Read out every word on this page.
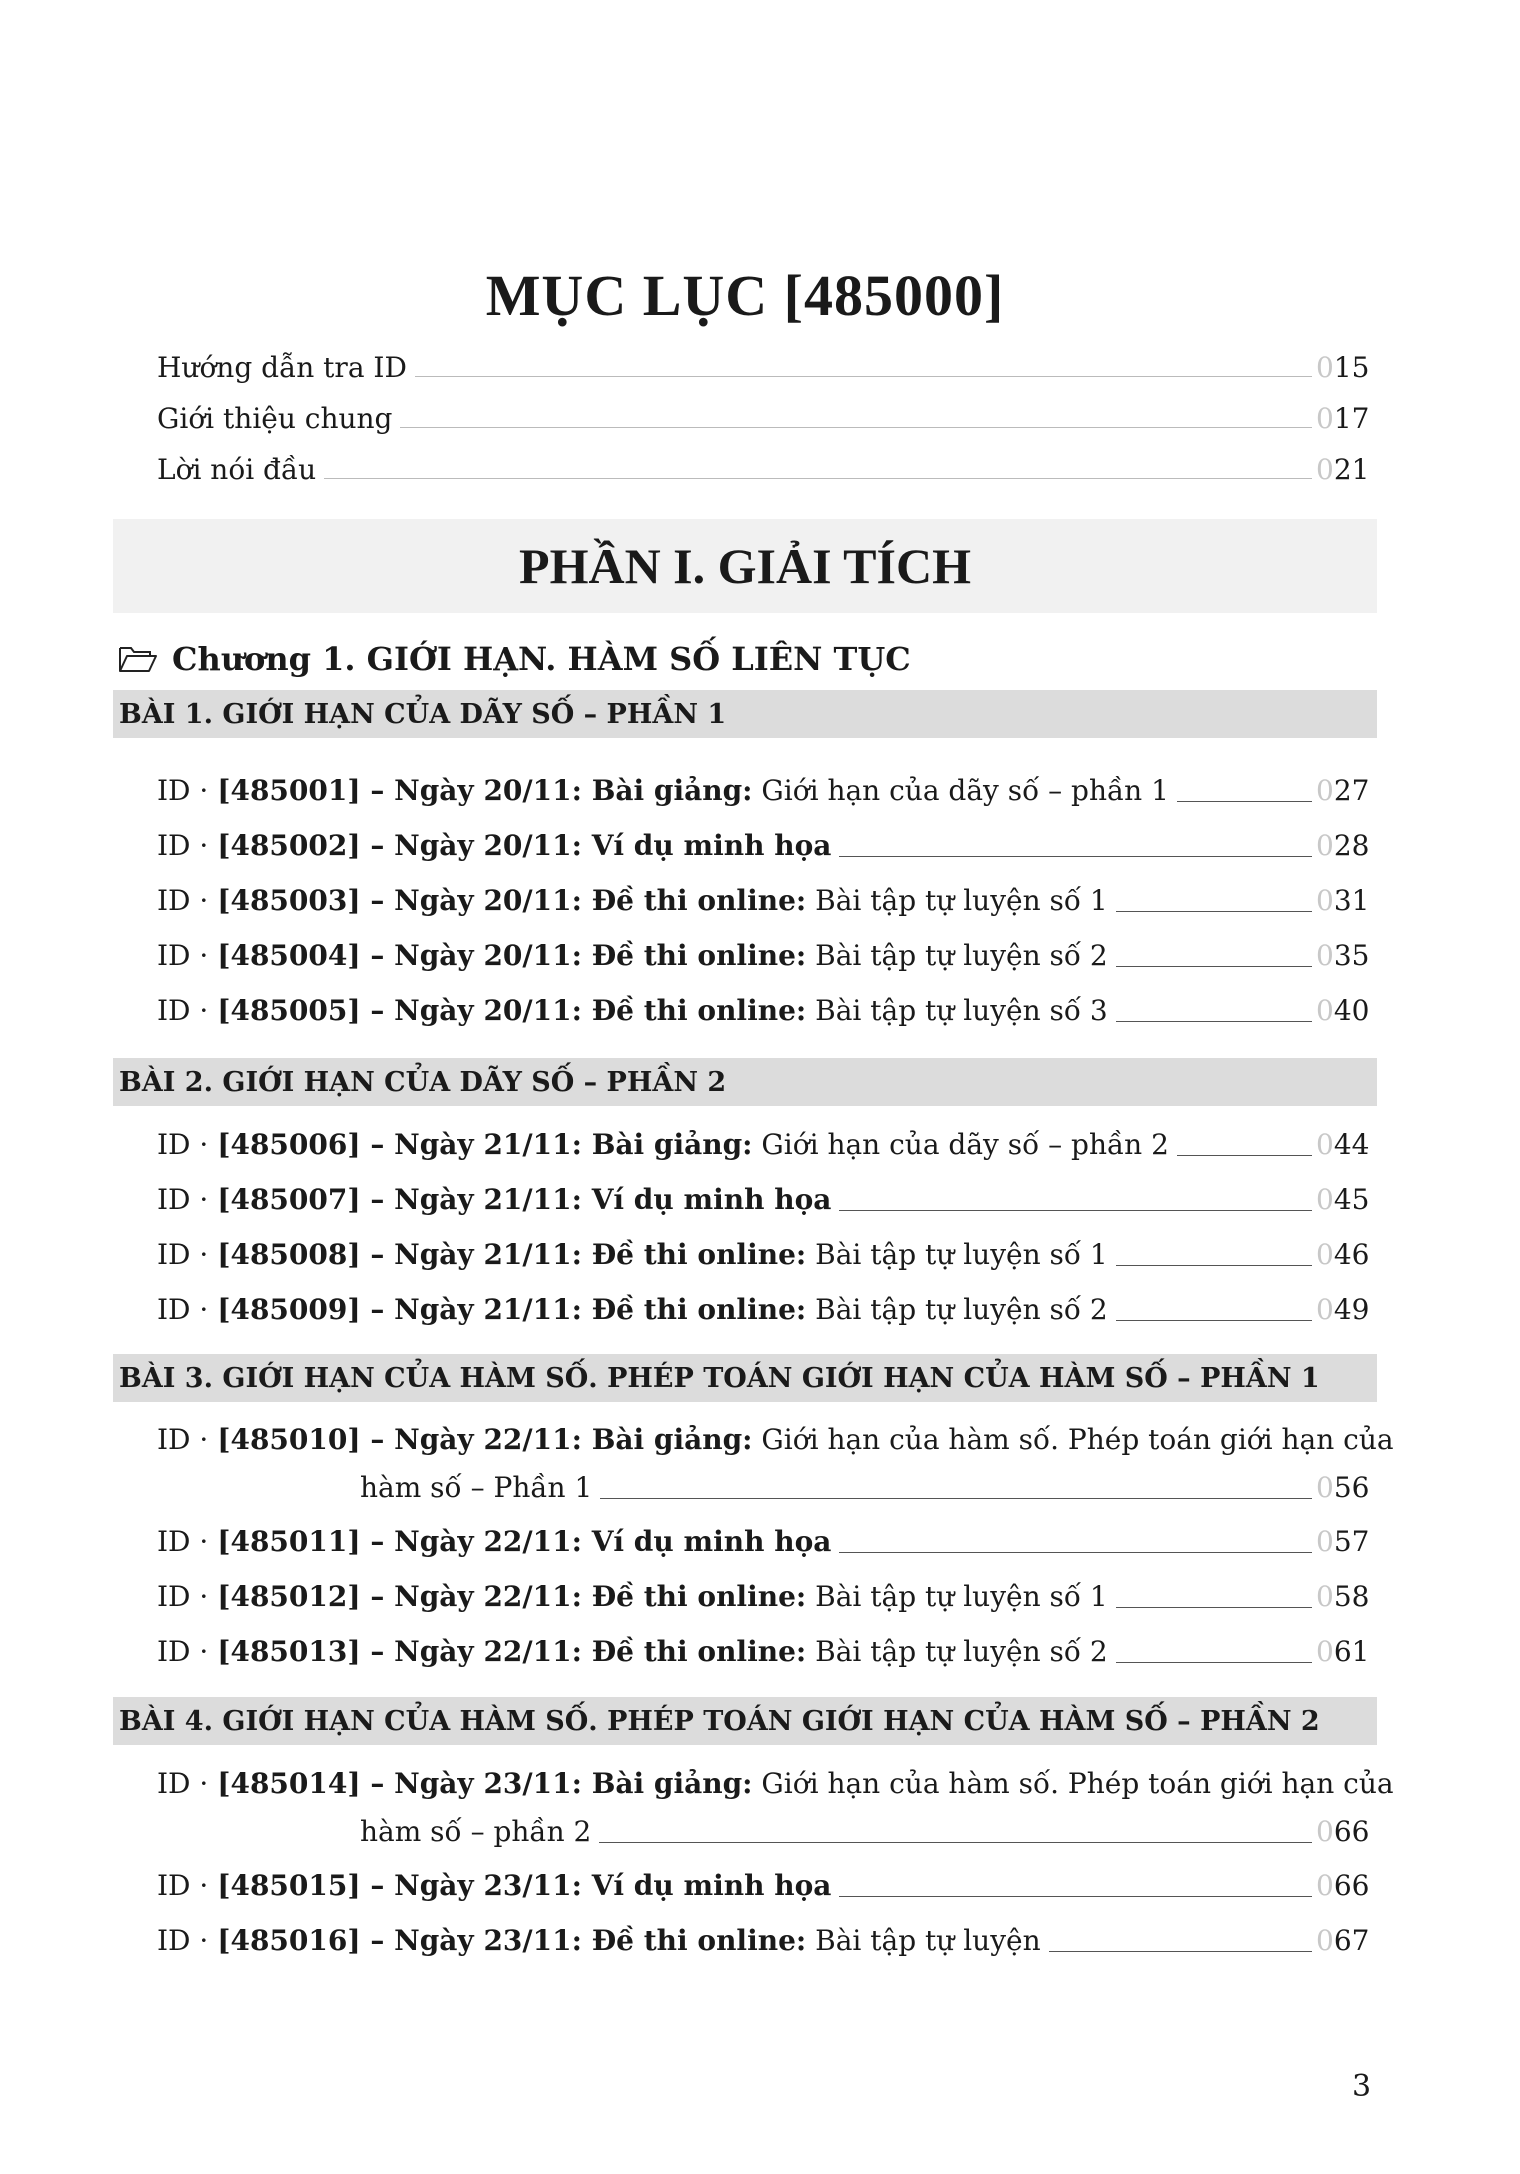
MỤC LỤC [485000]
Hướng dẫn tra ID	015
Giới thiệu chung	017
Lời nói đầu	021
PHẦN I. GIẢI TÍCH
Chương 1. GIỚI HẠN. HÀM SỐ LIÊN TỤC
BÀI 1. GIỚI HẠN CỦA DÃY SỐ – PHẦN 1
ID · [485001] – Ngày 20/11: Bài giảng: Giới hạn của dãy số – phần 1	027
ID · [485002] – Ngày 20/11: Ví dụ minh họa	028
ID · [485003] – Ngày 20/11: Đề thi online: Bài tập tự luyện số 1	031
ID · [485004] – Ngày 20/11: Đề thi online: Bài tập tự luyện số 2	035
ID · [485005] – Ngày 20/11: Đề thi online: Bài tập tự luyện số 3	040
BÀI 2. GIỚI HẠN CỦA DÃY SỐ – PHẦN 2
ID · [485006] – Ngày 21/11: Bài giảng: Giới hạn của dãy số – phần 2	044
ID · [485007] – Ngày 21/11: Ví dụ minh họa	045
ID · [485008] – Ngày 21/11: Đề thi online: Bài tập tự luyện số 1	046
ID · [485009] – Ngày 21/11: Đề thi online: Bài tập tự luyện số 2	049
BÀI 3. GIỚI HẠN CỦA HÀM SỐ. PHÉP TOÁN GIỚI HẠN CỦA HÀM SỐ – PHẦN 1
ID · [485010] – Ngày 22/11: Bài giảng: Giới hạn của hàm số. Phép toán giới hạn của
hàm số – Phần 1	056
ID · [485011] – Ngày 22/11: Ví dụ minh họa	057
ID · [485012] – Ngày 22/11: Đề thi online: Bài tập tự luyện số 1	058
ID · [485013] – Ngày 22/11: Đề thi online: Bài tập tự luyện số 2	061
BÀI 4. GIỚI HẠN CỦA HÀM SỐ. PHÉP TOÁN GIỚI HẠN CỦA HÀM SỐ – PHẦN 2
ID · [485014] – Ngày 23/11: Bài giảng: Giới hạn của hàm số. Phép toán giới hạn của
hàm số – phần 2	066
ID · [485015] – Ngày 23/11: Ví dụ minh họa	066
ID · [485016] – Ngày 23/11: Đề thi online: Bài tập tự luyện	067
3
